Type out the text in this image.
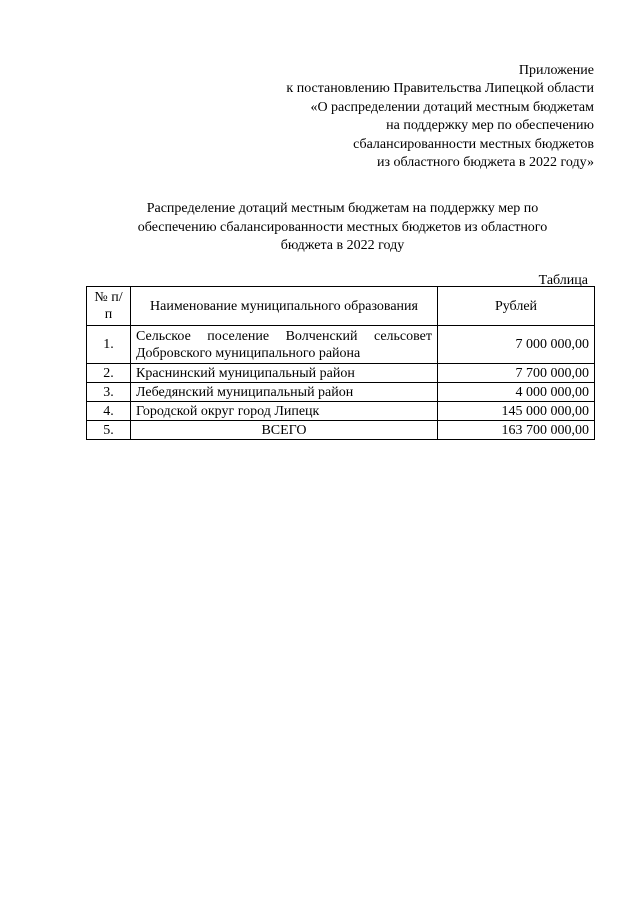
Приложение
к постановлению Правительства Липецкой области
«О распределении дотаций местным бюджетам
на поддержку мер по обеспечению
сбалансированности местных бюджетов
из областного бюджета в 2022 году»
Распределение дотаций местным бюджетам на поддержку мер по
обеспечению сбалансированности местных бюджетов из областного
бюджета в 2022 году
Таблица
№ п/п	Наименование муниципального образования	Рублей
1.	Сельское поселение Волченский сельсовет Добровского муниципального района	7 000 000,00
2.	Краснинский муниципальный район	7 700 000,00
3.	Лебедянский муниципальный район	4 000 000,00
4.	Городской округ город Липецк	145 000 000,00
5.	ВСЕГО	163 700 000,00
